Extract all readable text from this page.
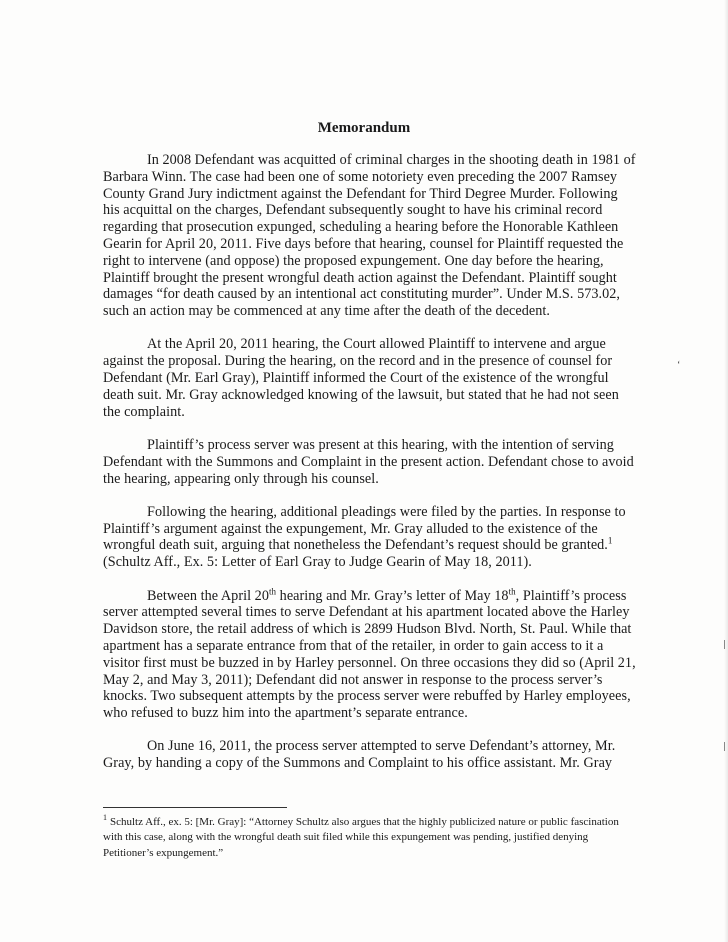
Memorandum
‘

In 2008 Defendant was acquitted of criminal charges in the shooting death in 1981 of Barbara Winn. The case had been one of some notoriety even preceding the 2007 Ramsey County Grand Jury indictment against the Defendant for Third Degree Murder. Following his acquittal on the charges, Defendant subsequently sought to have his criminal record regarding that prosecution expunged, scheduling a hearing before the Honorable Kathleen Gearin for April 20, 2011. Five days before that hearing, counsel for Plaintiff requested the right to intervene (and oppose) the proposed expungement. One day before the hearing, Plaintiff brought the present wrongful death action against the Defendant. Plaintiff sought damages “for death caused by an intentional act constituting murder”. Under M.S. 573.02, such an action may be commenced at any time after the death of the decedent.

At the April 20, 2011 hearing, the Court allowed Plaintiff to intervene and argue against the proposal. During the hearing, on the record and in the presence of counsel for Defendant (Mr. Earl Gray), Plaintiff informed the Court of the existence of the wrongful death suit. Mr. Gray acknowledged knowing of the lawsuit, but stated that he had not seen the complaint.

Plaintiff’s process server was present at this hearing, with the intention of serving Defendant with the Summons and Complaint in the present action. Defendant chose to avoid the hearing, appearing only through his counsel.

Following the hearing, additional pleadings were filed by the parties. In response to Plaintiff’s argument against the expungement, Mr. Gray alluded to the existence of the wrongful death suit, arguing that nonetheless the Defendant’s request should be granted.$^1$ (Schultz Aff., Ex. 5: Letter of Earl Gray to Judge Gearin of May 18, 2011).

Between the April 20th hearing and Mr. Gray’s letter of May 18th, Plaintiff’s process server attempted several times to serve Defendant at his apartment located above the Harley Davidson store, the retail address of which is 2899 Hudson Blvd. North, St. Paul. While that apartment has a separate entrance from that of the retailer, in order to gain access to it a visitor first must be buzzed in by Harley personnel. On three occasions they did so (April 21, May 2, and May 3, 2011); Defendant did not answer in response to the process server’s knocks. Two subsequent attempts by the process server were rebuffed by Harley employees, who refused to buzz him into the apartment’s separate entrance.

On June 16, 2011, the process server attempted to serve Defendant’s attorney, Mr. Gray, by handing a copy of the Summons and Complaint to his office assistant. Mr. Gray

$^1$ Schultz Aff., ex. 5: [Mr. Gray]: “Attorney Schultz also argues that the highly publicized nature or public fascination with this case, along with the wrongful death suit filed while this expungement was pending, justified denying Petitioner’s expungement.”
